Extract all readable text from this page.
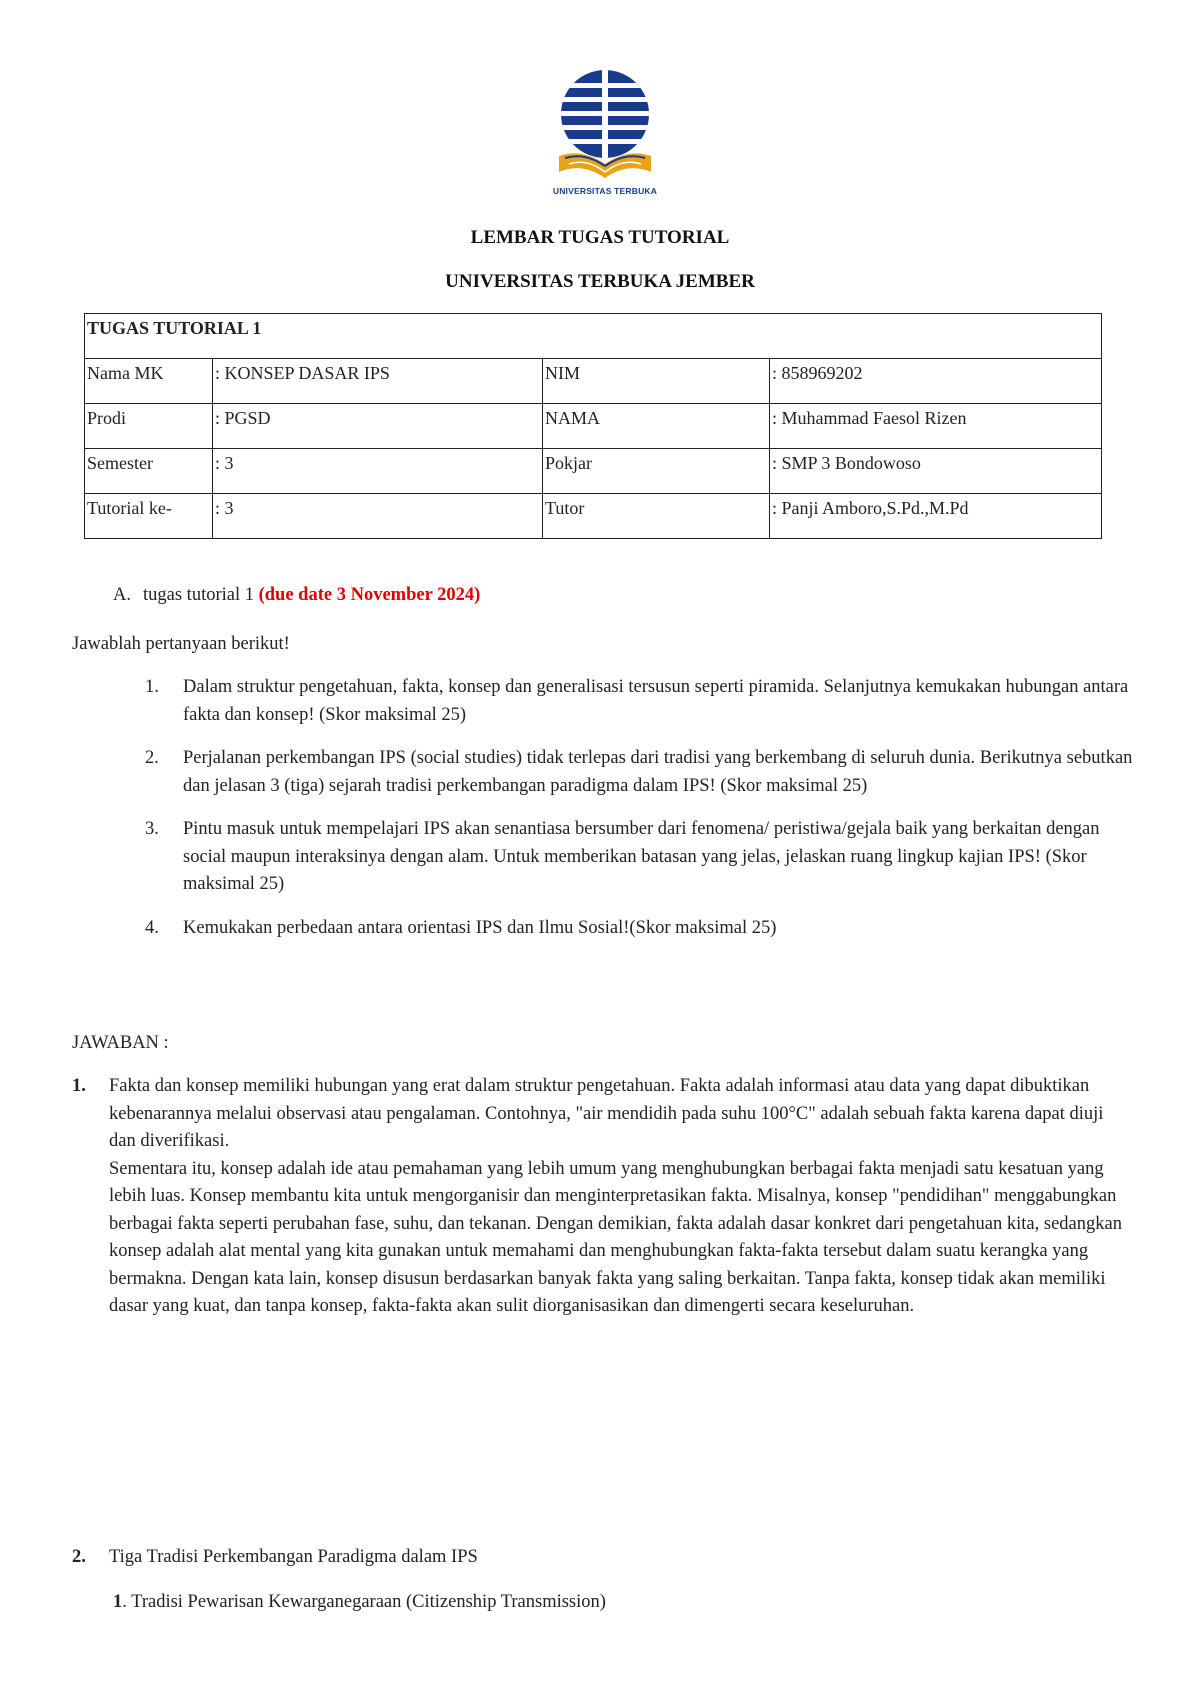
UNIVERSITAS TERBUKA
LEMBAR TUGAS TUTORIAL
UNIVERSITAS TERBUKA JEMBER
TUGAS TUTORIAL 1			
Nama MK	: KONSEP DASAR IPS	NIM	: 858969202
Prodi	: PGSD	NAMA	: Muhammad Faesol Rizen
Semester	: 3	Pokjar	: SMP 3 Bondowoso
Tutorial ke-	: 3	Tutor	: Panji Amboro,S.Pd.,M.Pd
A. tugas tutorial 1 (due date 3 November 2024)
Jawablah pertanyaan berikut!
1. Dalam struktur pengetahuan, fakta, konsep dan generalisasi tersusun seperti piramida. Selanjutnya kemukakan hubungan antara fakta dan konsep! (Skor maksimal 25)
2. Perjalanan perkembangan IPS (social studies) tidak terlepas dari tradisi yang berkembang di seluruh dunia. Berikutnya sebutkan dan jelasan 3 (tiga) sejarah tradisi perkembangan paradigma dalam IPS! (Skor maksimal 25)
3. Pintu masuk untuk mempelajari IPS akan senantiasa bersumber dari fenomena/ peristiwa/gejala baik yang berkaitan dengan social maupun interaksinya dengan alam. Untuk memberikan batasan yang jelas, jelaskan ruang lingkup kajian IPS! (Skor maksimal 25)
4. Kemukakan perbedaan antara orientasi IPS dan Ilmu Sosial!(Skor maksimal 25)
JAWABAN :
1. Fakta dan konsep memiliki hubungan yang erat dalam struktur pengetahuan. Fakta adalah informasi atau data yang dapat dibuktikan kebenarannya melalui observasi atau pengalaman. Contohnya, "air mendidih pada suhu 100°C" adalah sebuah fakta karena dapat diuji dan diverifikasi.
Sementara itu, konsep adalah ide atau pemahaman yang lebih umum yang menghubungkan berbagai fakta menjadi satu kesatuan yang lebih luas. Konsep membantu kita untuk mengorganisir dan menginterpretasikan fakta. Misalnya, konsep "pendidihan" menggabungkan berbagai fakta seperti perubahan fase, suhu, dan tekanan. Dengan demikian, fakta adalah dasar konkret dari pengetahuan kita, sedangkan konsep adalah alat mental yang kita gunakan untuk memahami dan menghubungkan fakta-fakta tersebut dalam suatu kerangka yang bermakna. Dengan kata lain, konsep disusun berdasarkan banyak fakta yang saling berkaitan. Tanpa fakta, konsep tidak akan memiliki dasar yang kuat, dan tanpa konsep, fakta-fakta akan sulit diorganisasikan dan dimengerti secara keseluruhan.
2.	Tiga Tradisi Perkembangan Paradigma dalam IPS
1. Tradisi Pewarisan Kewarganegaraan (Citizenship Transmission)
